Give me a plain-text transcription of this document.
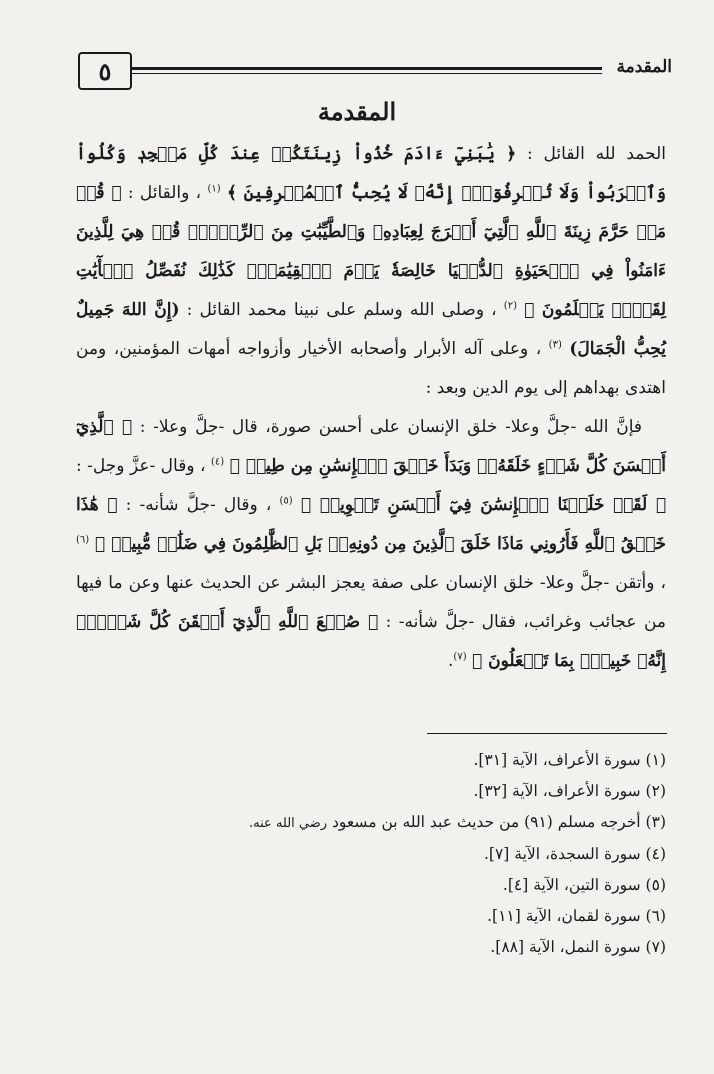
٥	المقدمة
المقدمة

الحمد لله القائل : ﴿ يَٰبَنِيٓ ءَادَمَ خُذُواْ زِينَتَكُمۡ عِندَ كُلِّ مَسۡجِدٖ وَكُلُواْ وَٱشۡرَبُواْ وَلَا تُسۡرِفُوٓاْۚ إِنَّهُۥ لَا يُحِبُّ ٱلۡمُسۡرِفِينَ ﴾ $^{(١)}$ ، والقائل : ﴿ قُلۡ مَنۡ حَرَّمَ زِينَةَ ٱللَّهِ ٱلَّتِيٓ أَخۡرَجَ لِعِبَادِهِۦ وَٱلطَّيِّبَٰتِ مِنَ ٱلرِّزۡقِۚ قُلۡ هِيَ لِلَّذِينَ ءَامَنُواْ فِي ٱلۡحَيَوٰةِ ٱلدُّنۡيَا خَالِصَةٗ يَوۡمَ ٱلۡقِيَٰمَةِۗ كَذَٰلِكَ نُفَصِّلُ ٱلۡأٓيَٰتِ لِقَوۡمٖ يَعۡلَمُونَ ﴾ $^{(٢)}$ ، وصلى الله وسلم على نبينا محمد القائل : (إِنَّ اللهَ جَمِيلٌ يُحِبُّ الْجَمَالَ) $^{(٣)}$ ، وعلى آله الأبرار وأصحابه الأخيار وأزواجه أمهات المؤمنين، ومن اهتدى بهداهم إلى يوم الدين وبعد :

فإنَّ الله -جلَّ وعلا- خلق الإنسان على أحسن صورة، قال -جلَّ وعلا- : ﴿ ٱلَّذِيٓ أَحۡسَنَ كُلَّ شَيۡءٍ خَلَقَهُۥۖ وَبَدَأَ خَلۡقَ ٱلۡإِنسَٰنِ مِن طِينٖ ﴾ $^{(٤)}$ ، وقال -عزَّ وجل- : ﴿ لَقَدۡ خَلَقۡنَا ٱلۡإِنسَٰنَ فِيٓ أَحۡسَنِ تَقۡوِيمٖ ﴾ $^{(٥)}$ ، وقال -جلَّ شأنه- : ﴿ هَٰذَا خَلۡقُ ٱللَّهِ فَأَرُونِي مَاذَا خَلَقَ ٱلَّذِينَ مِن دُونِهِۦۚ بَلِ ٱلظَّٰلِمُونَ فِي ضَلَٰلٖ مُّبِينٖ ﴾ $^{(٦)}$ ، وأتقن -جلَّ وعلا- خلق الإنسان على صفة يعجز البشر عن الحديث عنها وعن ما فيها من عجائب وغرائب، فقال -جلَّ شأنه- : ﴿ صُنۡعَ ٱللَّهِ ٱلَّذِيٓ أَتۡقَنَ كُلَّ شَيۡءٍۚ إِنَّهُۥ خَبِيرُۢ بِمَا تَفۡعَلُونَ ﴾ $^{(٧)}$.

(١) سورة الأعراف، الآية [٣١].

(٢) سورة الأعراف، الآية [٣٢].

(٣) أخرجه مسلم (٩١) من حديث عبد الله بن مسعود رضي الله عنه.

(٤) سورة السجدة، الآية [٧].

(٥) سورة التين، الآية [٤].

(٦) سورة لقمان، الآية [١١].

(٧) سورة النمل، الآية [٨٨].
